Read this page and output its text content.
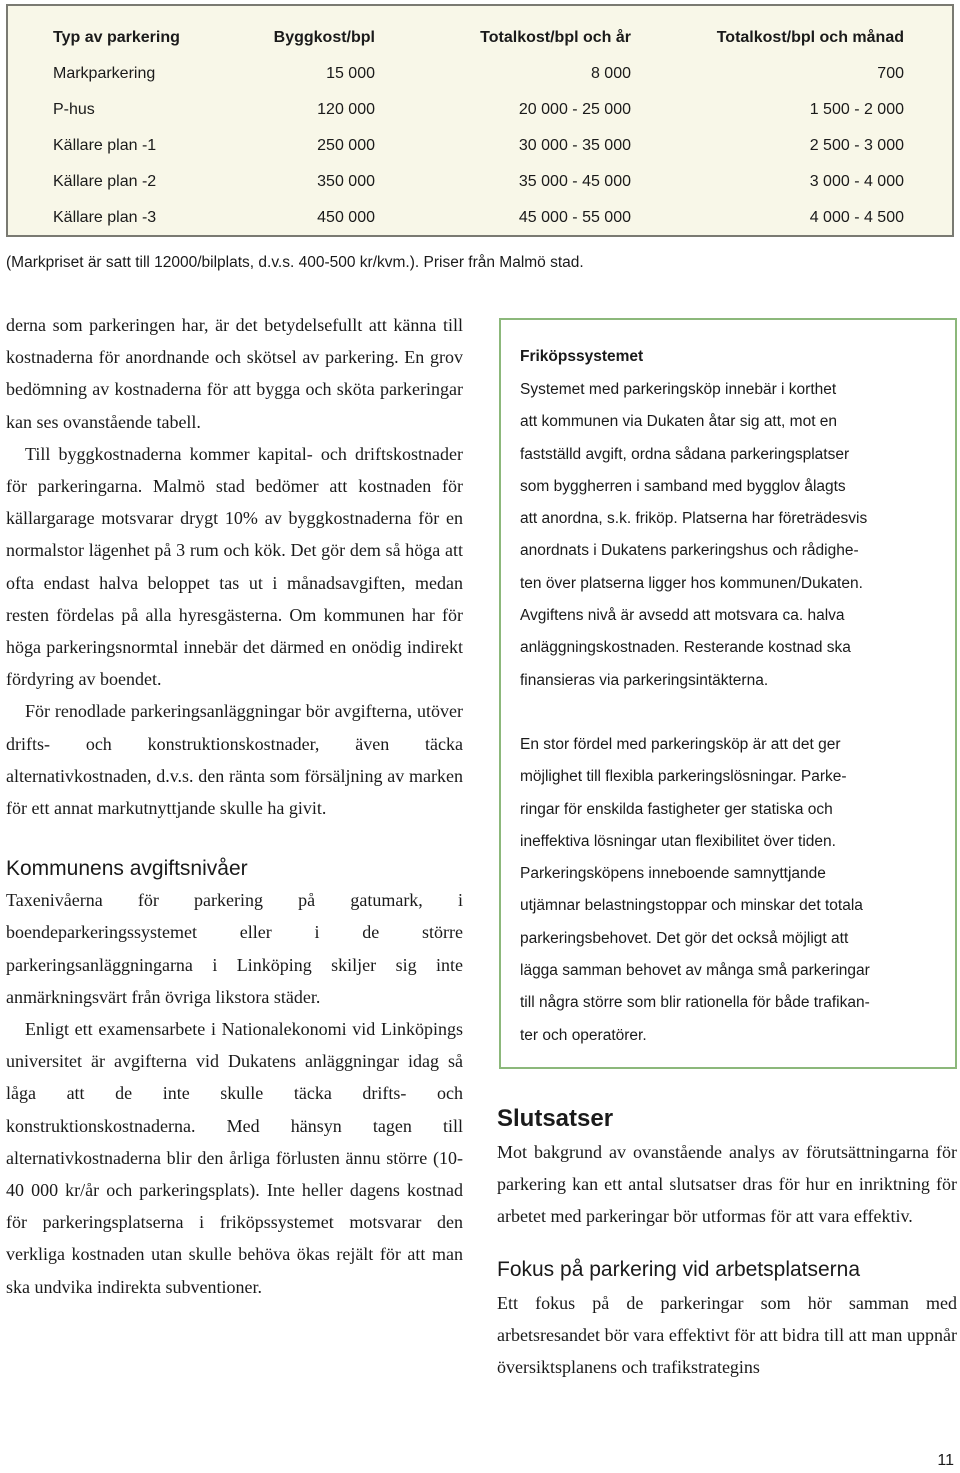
Typ av parkering	Byggkost/bpl	Totalkost/bpl och år	Totalkost/bpl och månad
Markparkering	15 000	8 000	700
P-hus	120 000	20 000 - 25 000	1 500 - 2 000
Källare plan -1	250 000	30 000 - 35 000	2 500 - 3 000
Källare plan -2	350 000	35 000 - 45 000	3 000 - 4 000
Källare plan -3	450 000	45 000 - 55 000	4 000 - 4 500
(Markpriset är satt till 12000/bilplats, d.v.s. 400-500 kr/kvm.). Priser från Malmö stad.

derna som parkeringen har, är det betydelsefullt att känna till kostnaderna för anordnande och skötsel av parkering. En grov bedömning av kostnaderna för att bygga och sköta parkeringar kan ses ovanstående tabell.

Till byggkostnaderna kommer kapital- och driftskostnader för parkeringarna. Malmö stad bedömer att kostnaden för källargarage motsvarar drygt 10% av byggkostnaderna för en normalstor lägenhet på 3 rum och kök. Det gör dem så höga att ofta endast halva beloppet tas ut i månadsavgiften, medan resten fördelas på alla hyresgästerna. Om kommunen har för höga parkeringsnormtal innebär det därmed en onödig indirekt fördyring av boendet.

För renodlade parkeringsanläggningar bör avgifterna, utöver drifts- och konstruktionskostnader, även täcka alternativkostnaden, d.v.s. den ränta som försäljning av marken för ett annat markutnyttjande skulle ha givit.

Kommunens avgiftsnivåer

Taxenivåerna för parkering på gatumark, i boendeparkeringssystemet eller i de större parkeringsanläggningarna i Linköping skiljer sig inte anmärkningsvärt från övriga likstora städer.

Enligt ett examensarbete i Nationalekonomi vid Linköpings universitet är avgifterna vid Dukatens anläggningar idag så låga att de inte skulle täcka drifts- och konstruktionskostnaderna. Med hänsyn tagen till alternativkostnaderna blir den årliga förlusten ännu större (10-40 000 kr/år och parkeringsplats). Inte heller dagens kostnad för parkeringsplatserna i friköpssystemet motsvarar den verkliga kostnaden utan skulle behöva ökas rejält för att man ska undvika indirekta subventioner.

Friköpssystemet

Systemet med parkeringsköp innebär i korthet
att kommunen via Dukaten åtar sig att, mot en
fastställd avgift, ordna sådana parkeringsplatser
som byggherren i samband med bygglov ålagts
att anordna, s.k. friköp. Platserna har företrädesvis
anordnats i Dukatens parkeringshus och rådighe-
ten över platserna ligger hos kommunen/Dukaten.
Avgiftens nivå är avsedd att motsvara ca. halva
anläggningskostnaden. Resterande kostnad ska
finansieras via parkeringsintäkterna.

En stor fördel med parkeringsköp är att det ger
möjlighet till flexibla parkeringslösningar. Parke-
ringar för enskilda fastigheter ger statiska och
ineffektiva lösningar utan flexibilitet över tiden.
Parkeringsköpens inneboende samnyttjande
utjämnar belastningstoppar och minskar det totala
parkeringsbehovet. Det gör det också möjligt att
lägga samman behovet av många små parkeringar
till några större som blir rationella för både trafikan-
ter och operatörer.

Slutsatser

Mot bakgrund av ovanstående analys av förutsättningarna för parkering kan ett antal slutsatser dras för hur en inriktning för arbetet med parkeringar bör utformas för att vara effektiv.

Fokus på parkering vid arbetsplatserna

Ett fokus på de parkeringar som hör samman med arbetsresandet bör vara effektivt för att bidra till att man uppnår översiktsplanens och trafikstrategins

11
